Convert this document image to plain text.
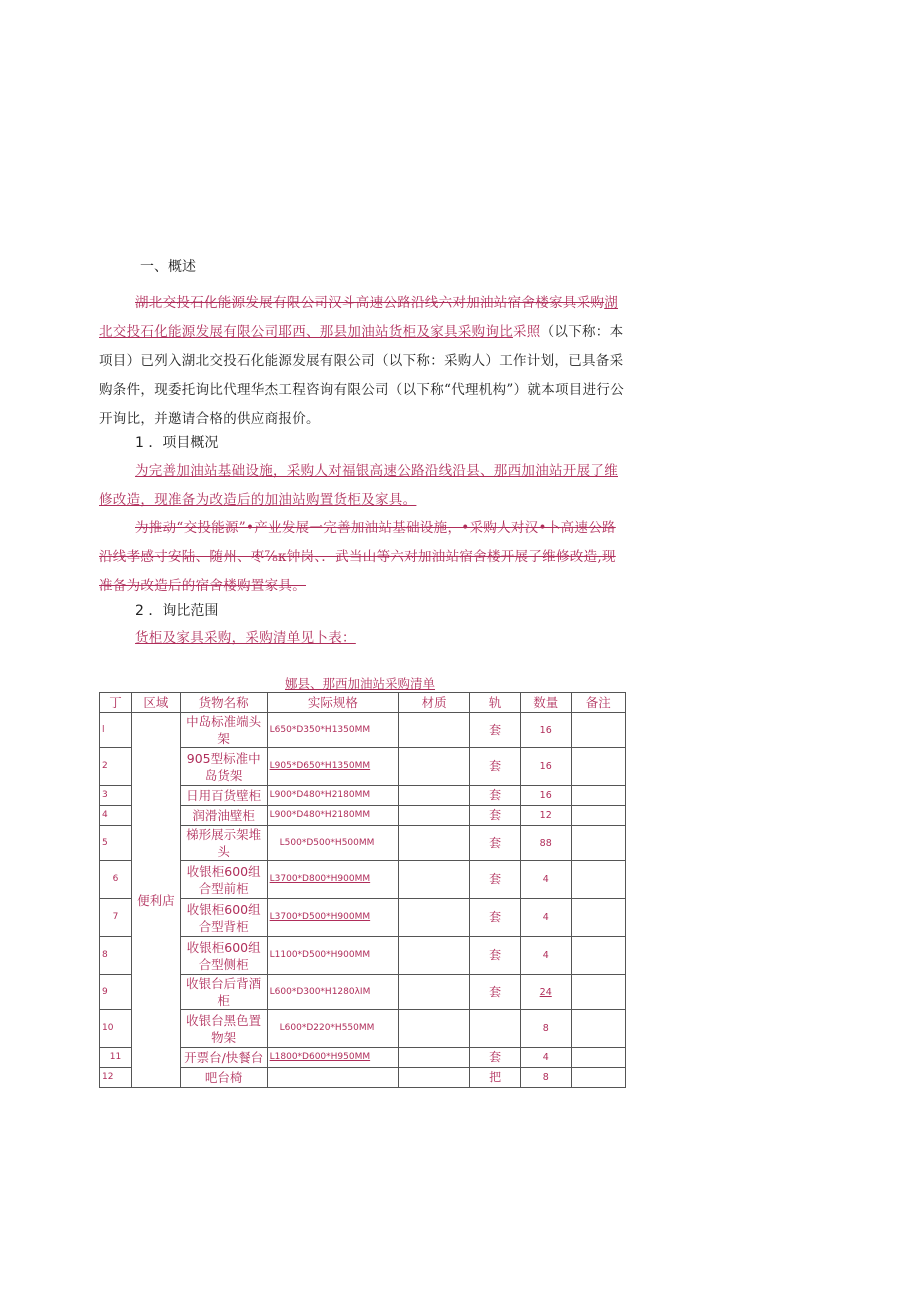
一、概述
湖北交投石化能源发展有限公司汉斗高速公路沿线六对加油站宿舍楼家具采购湖北交投石化能源发展有限公司耶西、那县加油站货柜及家具采购询比采照（以下称：本项目）已列入湖北交投石化能源发展有限公司（以下称：采购人）工作计划，已具备采购条件，现委托询比代理华杰工程咨询有限公司（以下称“代理机构”）就本项目进行公开询比，并邀请合格的供应商报价。
1 ．项目概况
为完善加油站基础设施，采购人对福银高速公路沿线沿县、那西加油站开展了维修改造，现准备为改造后的加油站购置货柜及家具。
为推动“交投能源”•产业发展一完善加油站基础设施，•采购人对汉•卜高速公路沿线孝感寸安陆、随州、枣⅞κ钟岗、．武当山等六对加油站宿舍楼开展了维修改造,现准备为改造后的宿舍楼购置家具。
2 ．询比范围
货柜及家具采购，采购清单见卜表：
娜县、那西加油站采购清单
丁	区域	货物名称	实际规格	材质	轨	数量	备注
l	便利店	中岛标准端头架	L650*D350*H1350MM		套	16	
2		905型标准中岛货架	L905*D650*H1350MM		套	16	
3		日用百货壁柜	L900*D480*H2180MM		套	16	
4		润滑油壁柜	L900*D480*H2180MM		套	12	
5		梯形展示架堆头	L500*D500*H500MM		套	88	
6		收银柜600组合型前柜	L3700*D800*H900MM		套	4	
7		收银柜600组合型背柜	L3700*D500*H900MM		套	4	
8		收银柜600组合型侧柜	L1100*D500*H900MM		套	4	
9		收银台后背酒柜	L600*D300*H1280λIM		套	24	
10		收银台黑色置物架	L600*D220*H550MM			8	
11		开票台/快餐台	L1800*D600*H950MM		套	4	
12		吧台椅			把	8	
